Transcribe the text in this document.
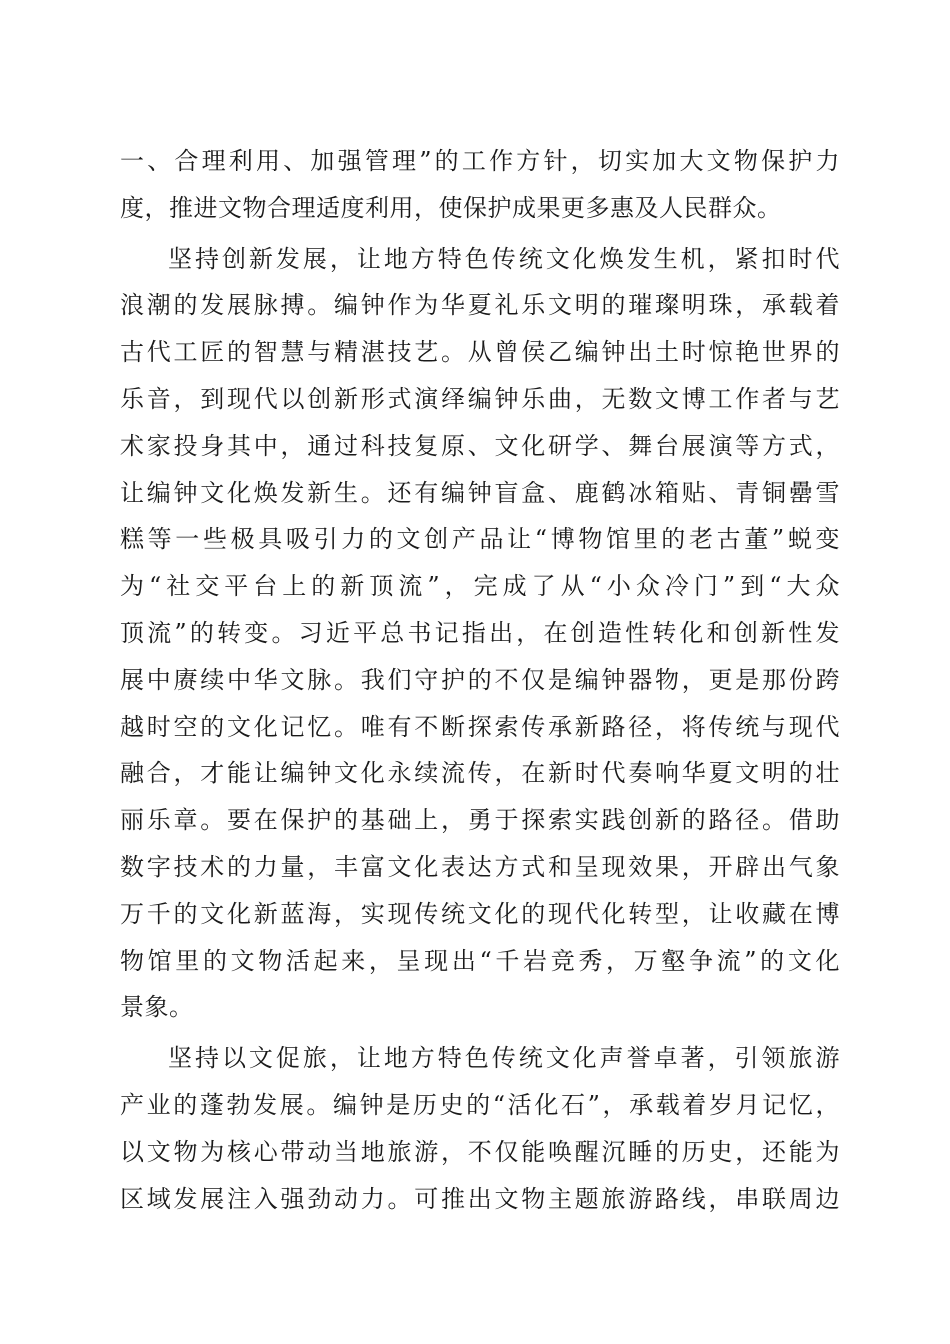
一、合理利用、加强管理”的工作方针，切实加大文物保护力
度，推进文物合理适度利用，使保护成果更多惠及人民群众。
坚持创新发展，让地方特色传统文化焕发生机，紧扣时代
浪潮的发展脉搏。编钟作为华夏礼乐文明的璀璨明珠，承载着
古代工匠的智慧与精湛技艺。从曾侯乙编钟出土时惊艳世界的
乐音，到现代以创新形式演绎编钟乐曲，无数文博工作者与艺
术家投身其中，通过科技复原、文化研学、舞台展演等方式，
让编钟文化焕发新生。还有编钟盲盒、鹿鹤冰箱贴、青铜罍雪
糕等一些极具吸引力的文创产品让“博物馆里的老古董”蜕变
为“社交平台上的新顶流”，完成了从“小众冷门”到“大众
顶流”的转变。习近平总书记指出，在创造性转化和创新性发
展中赓续中华文脉。我们守护的不仅是编钟器物，更是那份跨
越时空的文化记忆。唯有不断探索传承新路径，将传统与现代
融合，才能让编钟文化永续流传，在新时代奏响华夏文明的壮
丽乐章。要在保护的基础上，勇于探索实践创新的路径。借助
数字技术的力量，丰富文化表达方式和呈现效果，开辟出气象
万千的文化新蓝海，实现传统文化的现代化转型，让收藏在博
物馆里的文物活起来，呈现出“千岩竞秀，万壑争流”的文化
景象。
坚持以文促旅，让地方特色传统文化声誉卓著，引领旅游
产业的蓬勃发展。编钟是历史的“活化石”，承载着岁月记忆，
以文物为核心带动当地旅游，不仅能唤醒沉睡的历史，还能为
区域发展注入强劲动力。可推出文物主题旅游路线，串联周边
